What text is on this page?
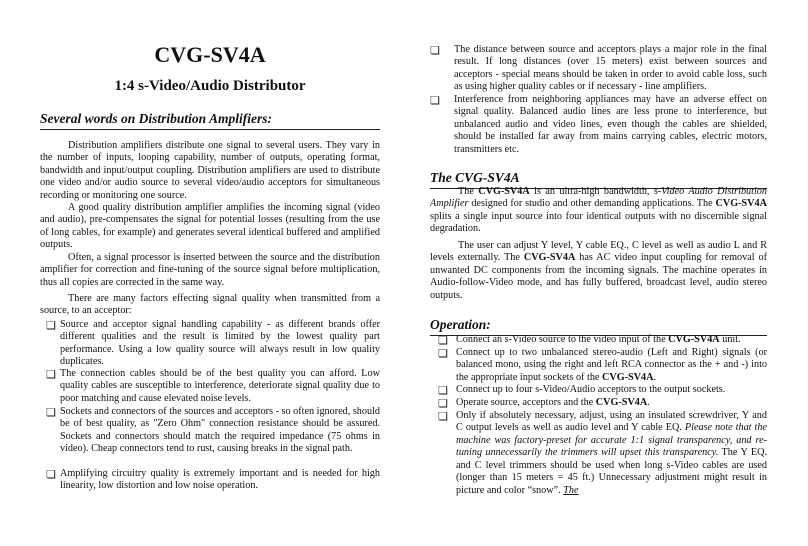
CVG-SV4A
1:4 s-Video/Audio Distributor
Several words on Distribution Amplifiers:

Distribution amplifiers distribute one signal to several users. They vary in the number of inputs, looping capability, number of outputs, operating format, bandwidth and input/output coupling. Distribution amplifiers are used to distribute one video and/or audio source to several video/audio acceptors for simultaneous recording or monitoring one source.

A good quality distribution amplifier amplifies the incoming signal (video and audio), pre-compensates the signal for potential losses (resulting from the use of long cables, for example) and generates several identical buffered and amplified outputs.

Often, a signal processor is inserted between the source and the distribution amplifier for correction and fine-tuning of the source signal before multiplication, thus all copies are corrected in the same way.

There are many factors effecting signal quality when transmitted from a source, to an acceptor:

❏ Source and acceptor signal handling capability - as different brands offer different qualities and the result is limited by the lowest quality part performance. Using a low quality source will always result in low quality duplicates.

❏ The connection cables should be of the best quality you can afford. Low quality cables are susceptible to interference, deteriorate signal quality due to poor matching and cause elevated noise levels.

❏ Sockets and connectors of the sources and acceptors - so often ignored, should be of best quality, as "Zero Ohm" connection resistance should be assured. Sockets and connectors should match the required impedance (75 ohms in video). Cheap connectors tend to rust, causing breaks in the signal path.

❏ Amplifying circuitry quality is extremely important and is needed for high linearity, low distortion and low noise operation.

❏ The distance between source and acceptors plays a major role in the final result. If long distances (over 15 meters) exist between sources and acceptors - special means should be taken in order to avoid cable loss, such as using higher quality cables or if necessary - line amplifiers.

❏ Interference from neighboring appliances may have an adverse effect on signal quality. Balanced audio lines are less prone to interference, but unbalanced audio and video lines, even though the cables are shielded, should be installed far away from mains carrying cables, electric motors, transmitters etc.

The CVG-SV4A

The CVG-SV4A is an ultra-high bandwidth, s-Video Audio Distribution Amplifier designed for studio and other demanding applications. The CVG-SV4A splits a single input source into four identical outputs with no discernible signal degradation.

The user can adjust Y level, Y cable EQ., C level as well as audio L and R levels externally. The CVG-SV4A has AC video input coupling for removal of unwanted DC components from the incoming signals. The machine operates in Audio-follow-Video mode, and has fully buffered, broadcast level, audio stereo outputs.

Operation:
❏ Connect an s-Video source to the video input of the CVG-SV4A unit.

❏ Connect up to two unbalanced stereo-audio (Left and Right) signals (or balanced mono, using the right and left RCA connector as the + and -) into the appropriate input sockets of the CVG-SV4A.

❏ Connect up to four s-Video/Audio acceptors to the output sockets.

❏ Operate source, acceptors and the CVG-SV4A.

❏ Only if absolutely necessary, adjust, using an insulated screwdriver, Y and C output levels as well as audio level and Y cable EQ. Please note that the machine was factory-preset for accurate 1:1 signal transparency, and re-tuning unnecessarily the trimmers will upset this transparency. The Y EQ. and C level trimmers should be used when long s-Video cables are used (longer than 15 meters = 45 ft.) Unnecessary adjustment might result in picture and color “snow”. The
